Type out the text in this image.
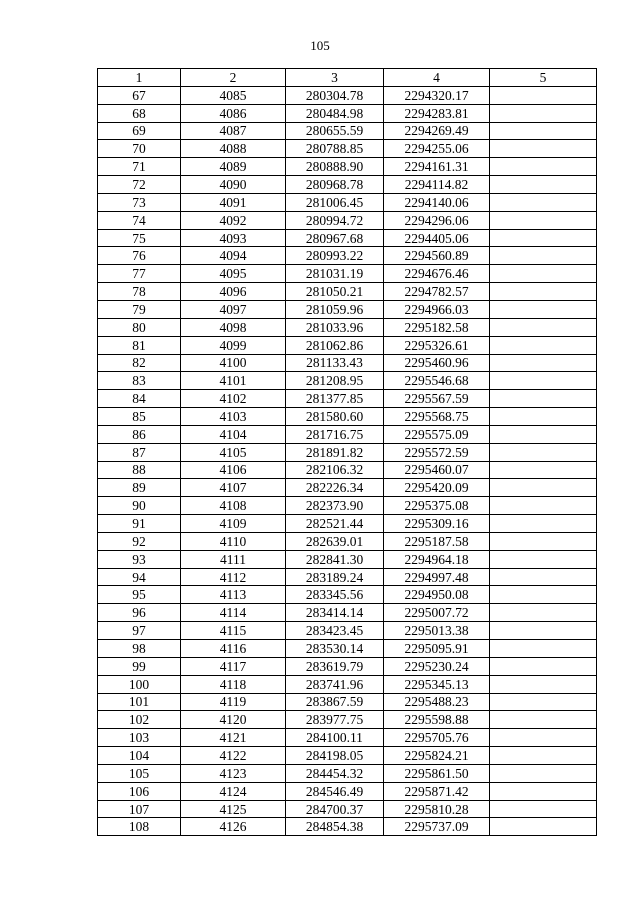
105
1	2	3	4	5
67	4085	280304.78	2294320.17	
68	4086	280484.98	2294283.81	
69	4087	280655.59	2294269.49	
70	4088	280788.85	2294255.06	
71	4089	280888.90	2294161.31	
72	4090	280968.78	2294114.82	
73	4091	281006.45	2294140.06	
74	4092	280994.72	2294296.06	
75	4093	280967.68	2294405.06	
76	4094	280993.22	2294560.89	
77	4095	281031.19	2294676.46	
78	4096	281050.21	2294782.57	
79	4097	281059.96	2294966.03	
80	4098	281033.96	2295182.58	
81	4099	281062.86	2295326.61	
82	4100	281133.43	2295460.96	
83	4101	281208.95	2295546.68	
84	4102	281377.85	2295567.59	
85	4103	281580.60	2295568.75	
86	4104	281716.75	2295575.09	
87	4105	281891.82	2295572.59	
88	4106	282106.32	2295460.07	
89	4107	282226.34	2295420.09	
90	4108	282373.90	2295375.08	
91	4109	282521.44	2295309.16	
92	4110	282639.01	2295187.58	
93	4111	282841.30	2294964.18	
94	4112	283189.24	2294997.48	
95	4113	283345.56	2294950.08	
96	4114	283414.14	2295007.72	
97	4115	283423.45	2295013.38	
98	4116	283530.14	2295095.91	
99	4117	283619.79	2295230.24	
100	4118	283741.96	2295345.13	
101	4119	283867.59	2295488.23	
102	4120	283977.75	2295598.88	
103	4121	284100.11	2295705.76	
104	4122	284198.05	2295824.21	
105	4123	284454.32	2295861.50	
106	4124	284546.49	2295871.42	
107	4125	284700.37	2295810.28	
108	4126	284854.38	2295737.09	
